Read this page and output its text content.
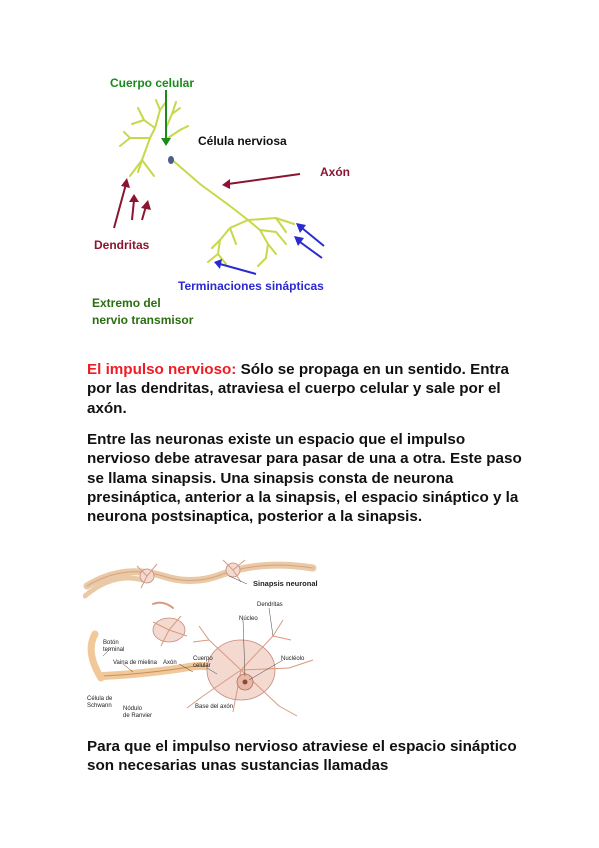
Cuerpo celular
Célula nerviosa
Axón
Dendritas
Terminaciones sinápticas
Extremo del
nervio transmisor
El impulso nervioso: Sólo se propaga en un sentido. Entra por las dendritas, atraviesa el cuerpo celular y sale por el axón.
Entre las neuronas existe un espacio que el impulso nervioso debe atravesar para pasar de una a otra. Este paso se llama sinapsis. Una sinapsis consta de neurona presináptica, anterior a la sinapsis, el espacio sináptico y la neurona postsinaptica, posterior a la sinapsis.
Sinapsis neuronal
Dendritas
Núcleo
Nucléolo
Botón
terminal
Vaina de mielina Axón
Cuerpo
celular
Célula de
Schwann Nódulo
de Ranvier
Base del axón
Para que el impulso nervioso atraviese el espacio sináptico son necesarias unas sustancias llamadas
